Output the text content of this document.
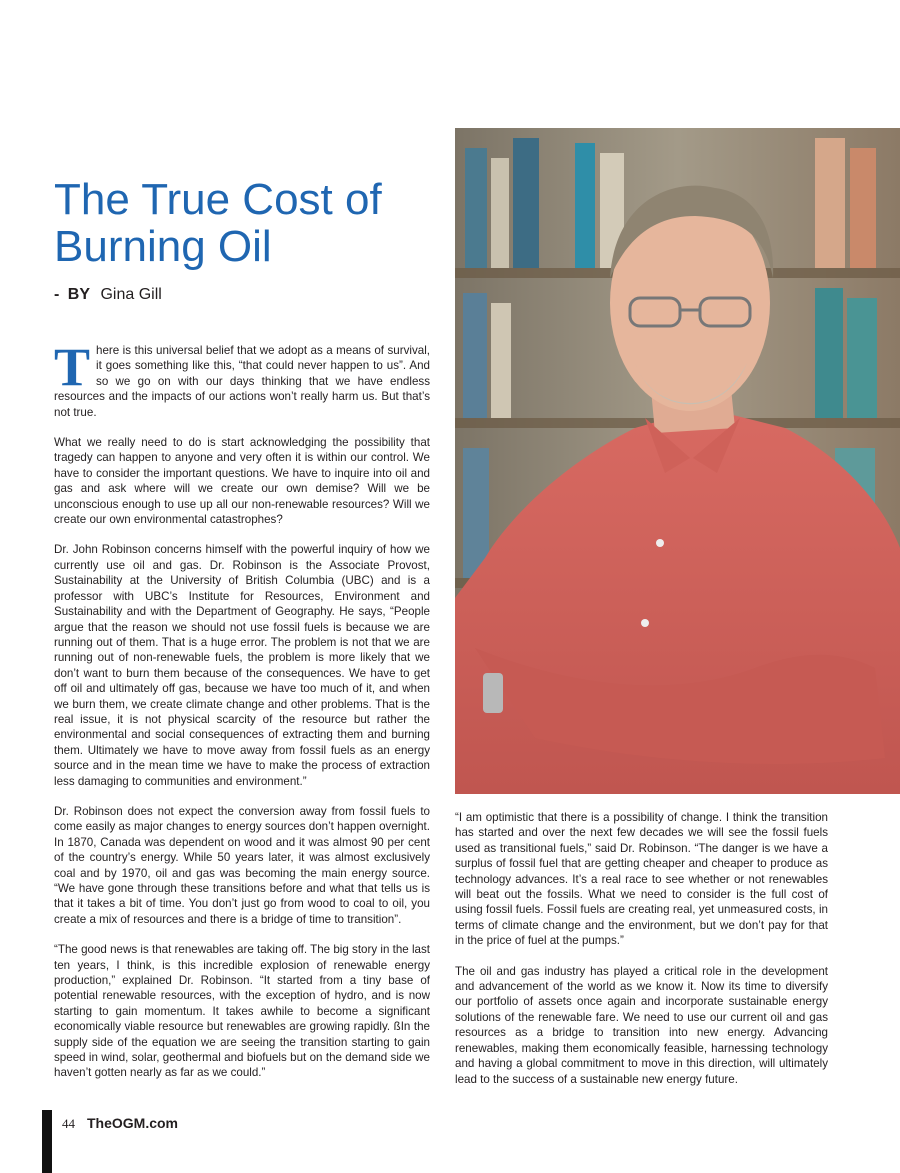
The True Cost of Burning Oil
- BY Gina Gill

There is this universal belief that we adopt as a means of survival, it goes something like this, “that could never happen to us”. And so we go on with our days thinking that we have endless resources and the impacts of our actions won’t really harm us. But that’s not true.

What we really need to do is start acknowledging the possibility that tragedy can happen to anyone and very often it is within our control. We have to consider the important questions. We have to inquire into oil and gas and ask where will we create our own demise? Will we be unconscious enough to use up all our non-renewable resources? Will we create our own environmental catastrophes?

Dr. John Robinson concerns himself with the powerful inquiry of how we currently use oil and gas. Dr. Robinson is the Associate Provost, Sustainability at the University of British Columbia (UBC) and is a professor with UBC’s Institute for Resources, Environment and Sustainability and with the Department of Geography. He says, “People argue that the reason we should not use fossil fuels is because we are running out of them. That is a huge error. The problem is not that we are running out of non-renewable fuels, the problem is more likely that we don’t want to burn them because of the consequences. We have to get off oil and ultimately off gas, because we have too much of it, and when we burn them, we create climate change and other problems. That is the real issue, it is not physical scarcity of the resource but rather the environmental and social consequences of extracting them and burning them. Ultimately we have to move away from fossil fuels as an energy source and in the mean time we have to make the process of extraction less damaging to communities and environment.”

Dr. Robinson does not expect the conversion away from fossil fuels to come easily as major changes to energy sources don’t happen overnight. In 1870, Canada was dependent on wood and it was almost 90 per cent of the country’s energy. While 50 years later, it was almost exclusively coal and by 1970, oil and gas was becoming the main energy source. “We have gone through these transitions before and what that tells us is that it takes a bit of time. You don’t just go from wood to coal to oil, you create a mix of resources and there is a bridge of time to transition”.

“The good news is that renewables are taking off. The big story in the last ten years, I think, is this incredible explosion of renewable energy production,” explained Dr. Robinson. “It started from a tiny base of potential renewable resources, with the exception of hydro, and is now starting to gain momentum. It takes awhile to become a significant economically viable resource but renewables are growing rapidly. ßIn the supply side of the equation we are seeing the transition starting to gain speed in wind, solar, geothermal and biofuels but on the demand side we haven’t gotten nearly as far as we could.”

“I am optimistic that there is a possibility of change. I think the transition has started and over the next few decades we will see the fossil fuels used as transitional fuels,” said Dr. Robinson. “The danger is we have a surplus of fossil fuel that are getting cheaper and cheaper to produce as technology advances. It’s a real race to see whether or not renewables will beat out the fossils. What we need to consider is the full cost of using fossil fuels. Fossil fuels are creating real, yet unmeasured costs, in terms of climate change and the environment, but we don’t pay for that in the price of fuel at the pumps.”

The oil and gas industry has played a critical role in the development and advancement of the world as we know it. Now its time to diversify our portfolio of assets once again and incorporate sustainable energy solutions of the renewable fare. We need to use our current oil and gas resources as a bridge to transition into new energy. Advancing renewables, making them economically feasible, harnessing technology and having a global commitment to move in this direction, will ultimately lead to the success of a sustainable new energy future.

44 TheOGM.com
